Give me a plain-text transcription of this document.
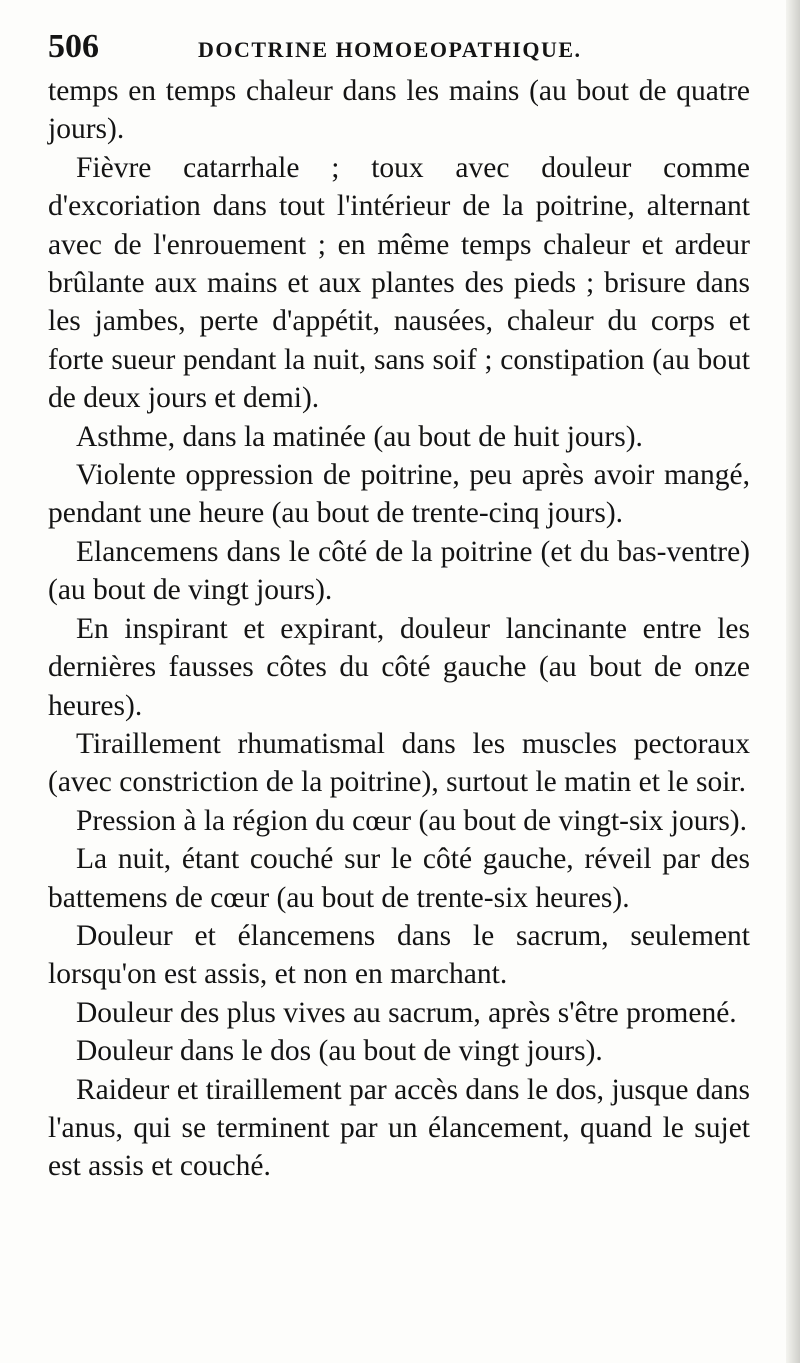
506	DOCTRINE HOMOEOPATHIQUE.

temps en temps chaleur dans les mains (au bout de quatre jours).

Fièvre catarrhale ; toux avec douleur comme d'excoriation dans tout l'intérieur de la poitrine, alternant avec de l'enrouement ; en même temps chaleur et ardeur brûlante aux mains et aux plantes des pieds ; brisure dans les jambes, perte d'appétit, nausées, chaleur du corps et forte sueur pendant la nuit, sans soif ; constipation (au bout de deux jours et demi).

Asthme, dans la matinée (au bout de huit jours).

Violente oppression de poitrine, peu après avoir mangé, pendant une heure (au bout de trente-cinq jours).

Elancemens dans le côté de la poitrine (et du bas-ventre) (au bout de vingt jours).

En inspirant et expirant, douleur lancinante entre les dernières fausses côtes du côté gauche (au bout de onze heures).

Tiraillement rhumatismal dans les muscles pectoraux (avec constriction de la poitrine), surtout le matin et le soir.

Pression à la région du cœur (au bout de vingt-six jours).

La nuit, étant couché sur le côté gauche, réveil par des battemens de cœur (au bout de trente-six heures).

Douleur et élancemens dans le sacrum, seulement lorsqu'on est assis, et non en marchant.

Douleur des plus vives au sacrum, après s'être promené.

Douleur dans le dos (au bout de vingt jours).

Raideur et tiraillement par accès dans le dos, jusque dans l'anus, qui se terminent par un élancement, quand le sujet est assis et couché.
